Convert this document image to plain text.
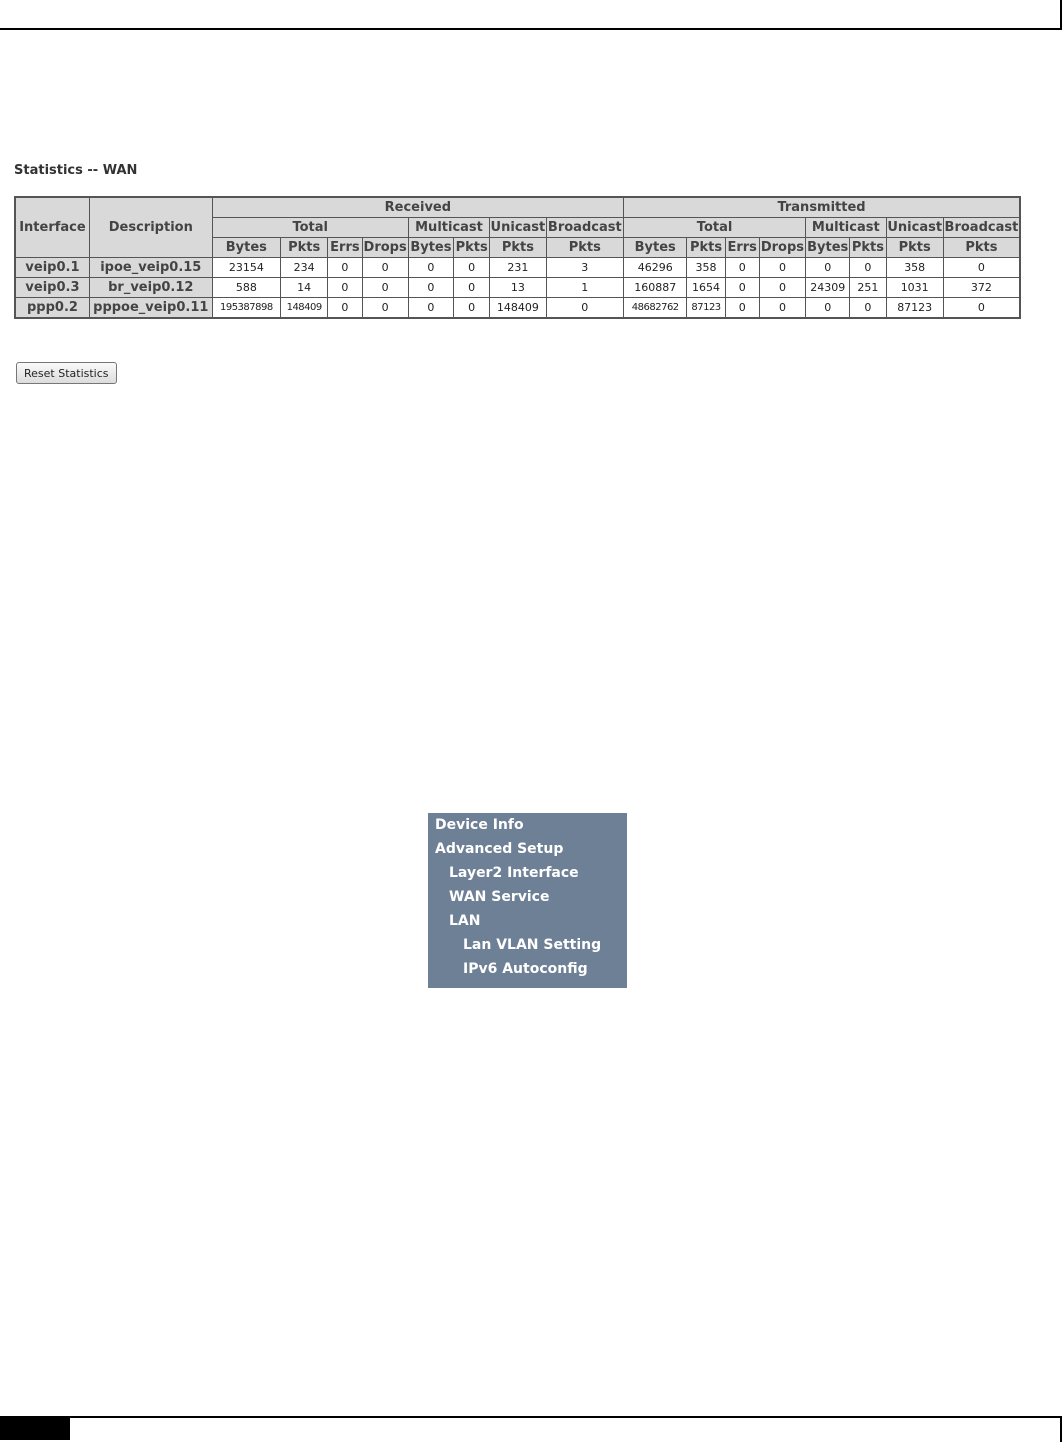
Statistics -- WAN
Interface	Description	Received								Transmitted							
		Total				Multicast		Unicast	Broadcast	Total				Multicast		Unicast	Broadcast
		Bytes	Pkts	Errs	Drops	Bytes	Pkts	Pkts	Pkts	Bytes	Pkts	Errs	Drops	Bytes	Pkts	Pkts	Pkts
veip0.1	ipoe_veip0.15	23154	234	0	0	0	0	231	3	46296	358	0	0	0	0	358	0
veip0.3	br_veip0.12	588	14	0	0	0	0	13	1	160887	1654	0	0	24309	251	1031	372
ppp0.2	pppoe_veip0.11	195387898	148409	0	0	0	0	148409	0	48682762	87123	0	0	0	0	87123	0
Reset Statistics
Device Info
Advanced Setup
Layer2 Interface
WAN Service
LAN
Lan VLAN Setting
IPv6 Autoconfig
